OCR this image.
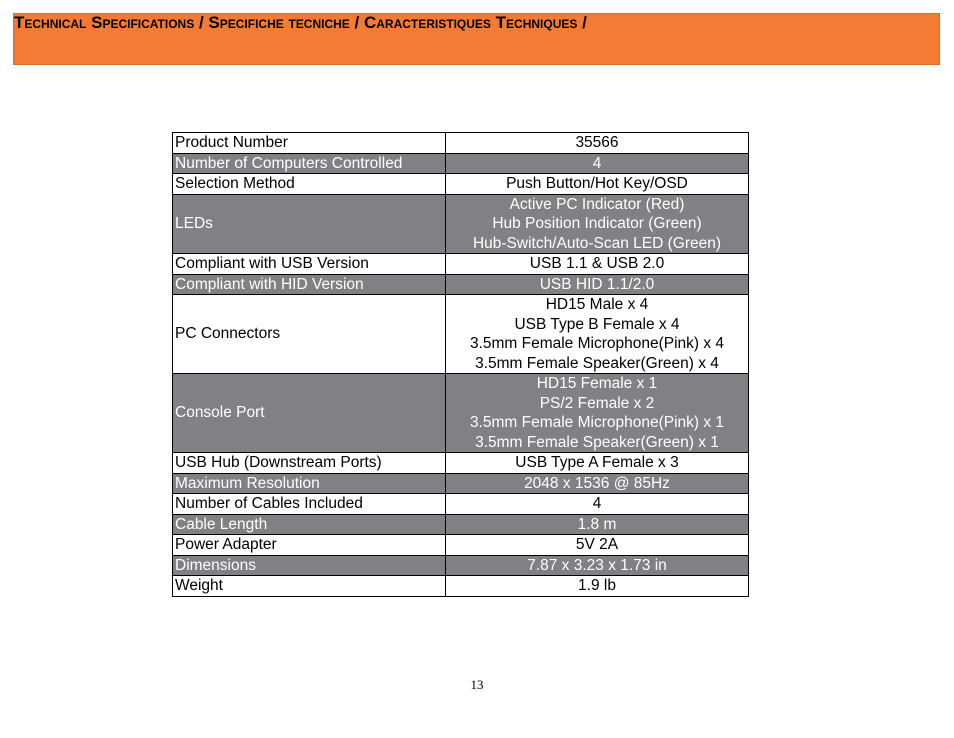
Technical Specifications / Specifiche tecniche / Caracteristiques Techniques /
Product Number	35566

Number of Computers Controlled	4

Selection Method	Push Button/Hot Key/OSD

LEDs	Active PC Indicator (Red)
Hub Position Indicator (Green)
Hub-Switch/Auto-Scan LED (Green)

Compliant with USB Version	USB 1.1 & USB 2.0

Compliant with HID Version	USB HID 1.1/2.0

PC Connectors	HD15 Male x 4
USB Type B Female x 4
3.5mm Female Microphone(Pink) x 4
3.5mm Female Speaker(Green) x 4

Console Port	HD15 Female x 1
PS/2 Female x 2
3.5mm Female Microphone(Pink) x 1
3.5mm Female Speaker(Green) x 1

USB Hub (Downstream Ports)	USB Type A Female x 3

Maximum Resolution	2048 x 1536 @ 85Hz

Number of Cables Included	4

Cable Length	1.8 m

Power Adapter	5V 2A

Dimensions	7.87 x 3.23 x 1.73 in

Weight	1.9 lb
13
